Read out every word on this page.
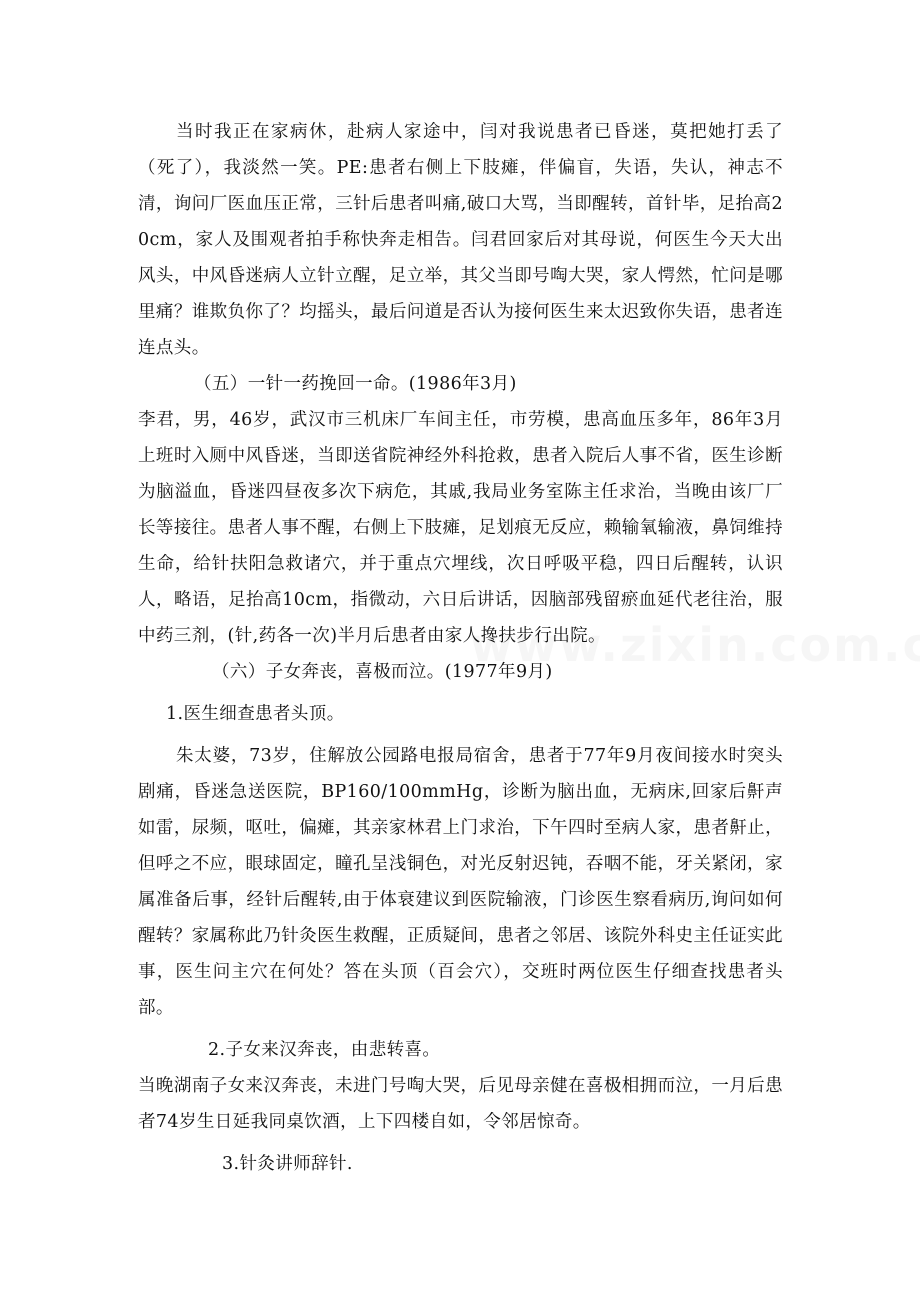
当时我正在家病休，赴病人家途中，闫对我说患者已昏迷，莫把她打丢了（死了），我淡然一笑。PE:患者右侧上下肢瘫，伴偏盲，失语，失认，神志不清，询问厂医血压正常，三针后患者叫痛,破口大骂，当即醒转，首针毕，足抬高20cm，家人及围观者拍手称快奔走相告。闫君回家后对其母说，何医生今天大出风头，中风昏迷病人立针立醒，足立举，其父当即号啕大哭，家人愕然，忙问是哪里痛？谁欺负你了？均摇头，最后问道是否认为接何医生来太迟致你失语，患者连连点头。

（五）一针一药挽回一命。(1986年3月)

李君，男，46岁，武汉市三机床厂车间主任，市劳模，患高血压多年，86年3月上班时入厕中风昏迷，当即送省院神经外科抢救，患者入院后人事不省，医生诊断为脑溢血，昏迷四昼夜多次下病危，其戚,我局业务室陈主任求治，当晚由该厂厂长等接往。患者人事不醒，右侧上下肢瘫，足划痕无反应，赖输氧输液，鼻饲维持生命，给针扶阳急救诸穴，并于重点穴埋线，次日呼吸平稳，四日后醒转，认识人，略语，足抬高10cm，指微动，六日后讲话，因脑部残留瘀血延代老往治，服中药三剂，(针,药各一次)半月后患者由家人搀扶步行出院。

（六）子女奔丧，喜极而泣。(1977年9月)

1.医生细查患者头顶。

朱太婆，73岁，住解放公园路电报局宿舍，患者于77年9月夜间接水时突头剧痛，昏迷急送医院，BP160/100mmHg，诊断为脑出血，无病床,回家后鼾声如雷，尿频，呕吐，偏瘫，其亲家林君上门求治，下午四时至病人家，患者鼾止，但呼之不应，眼球固定，瞳孔呈浅铜色，对光反射迟钝，吞咽不能，牙关紧闭，家属准备后事，经针后醒转,由于体衰建议到医院输液，门诊医生察看病历,询问如何醒转？家属称此乃针灸医生救醒，正质疑间，患者之邻居、该院外科史主任证实此事，医生问主穴在何处？答在头顶（百会穴），交班时两位医生仔细查找患者头部。

2.子女来汉奔丧，由悲转喜。

当晚湖南子女来汉奔丧，未进门号啕大哭，后见母亲健在喜极相拥而泣，一月后患者74岁生日延我同桌饮酒，上下四楼自如，令邻居惊奇。

3.针灸讲师辞针.
